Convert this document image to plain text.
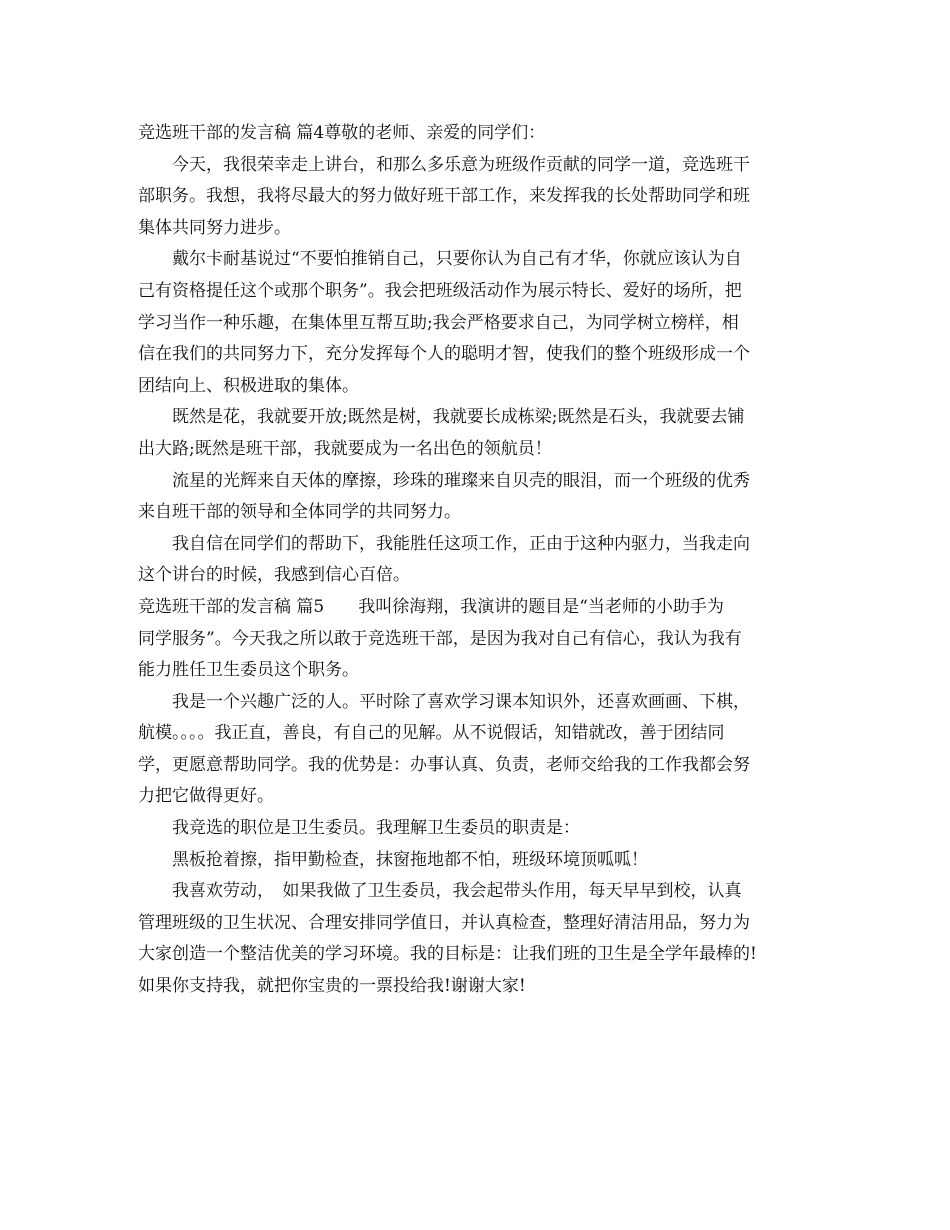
竞选班干部的发言稿 篇4尊敬的老师、亲爱的同学们：
今天，我很荣幸走上讲台，和那么多乐意为班级作贡献的同学一道，竞选班干
部职务。我想，我将尽最大的努力做好班干部工作，来发挥我的长处帮助同学和班
集体共同努力进步。
戴尔卡耐基说过“不要怕推销自己，只要你认为自己有才华，你就应该认为自
己有资格提任这个或那个职务”。我会把班级活动作为展示特长、爱好的场所，把
学习当作一种乐趣，在集体里互帮互助;我会严格要求自己，为同学树立榜样，相
信在我们的共同努力下，充分发挥每个人的聪明才智，使我们的整个班级形成一个
团结向上、积极进取的集体。
既然是花，我就要开放;既然是树，我就要长成栋梁;既然是石头，我就要去铺
出大路;既然是班干部，我就要成为一名出色的领航员！
流星的光辉来自天体的摩擦，珍珠的璀璨来自贝壳的眼泪，而一个班级的优秀
来自班干部的领导和全体同学的共同努力。
我自信在同学们的帮助下，我能胜任这项工作，正由于这种内驱力，当我走向
这个讲台的时候，我感到信心百倍。
竞选班干部的发言稿 篇5　　我叫徐海翔，我演讲的题目是“当老师的小助手为
同学服务”。今天我之所以敢于竞选班干部，是因为我对自己有信心，我认为我有
能力胜任卫生委员这个职务。
我是一个兴趣广泛的人。平时除了喜欢学习课本知识外，还喜欢画画、下棋，
航模。。。。我正直，善良，有自己的见解。从不说假话，知错就改，善于团结同
学，更愿意帮助同学。我的优势是：办事认真、负责，老师交给我的工作我都会努
力把它做得更好。
我竞选的职位是卫生委员。我理解卫生委员的职责是：
黑板抢着擦，指甲勤检查，抹窗拖地都不怕，班级环境顶呱呱！
我喜欢劳动，　如果我做了卫生委员，我会起带头作用，每天早早到校，认真
管理班级的卫生状况、合理安排同学值日，并认真检查，整理好清洁用品，努力为
大家创造一个整洁优美的学习环境。我的目标是：让我们班的卫生是全学年最棒的!
如果你支持我，就把你宝贵的一票投给我!谢谢大家!
